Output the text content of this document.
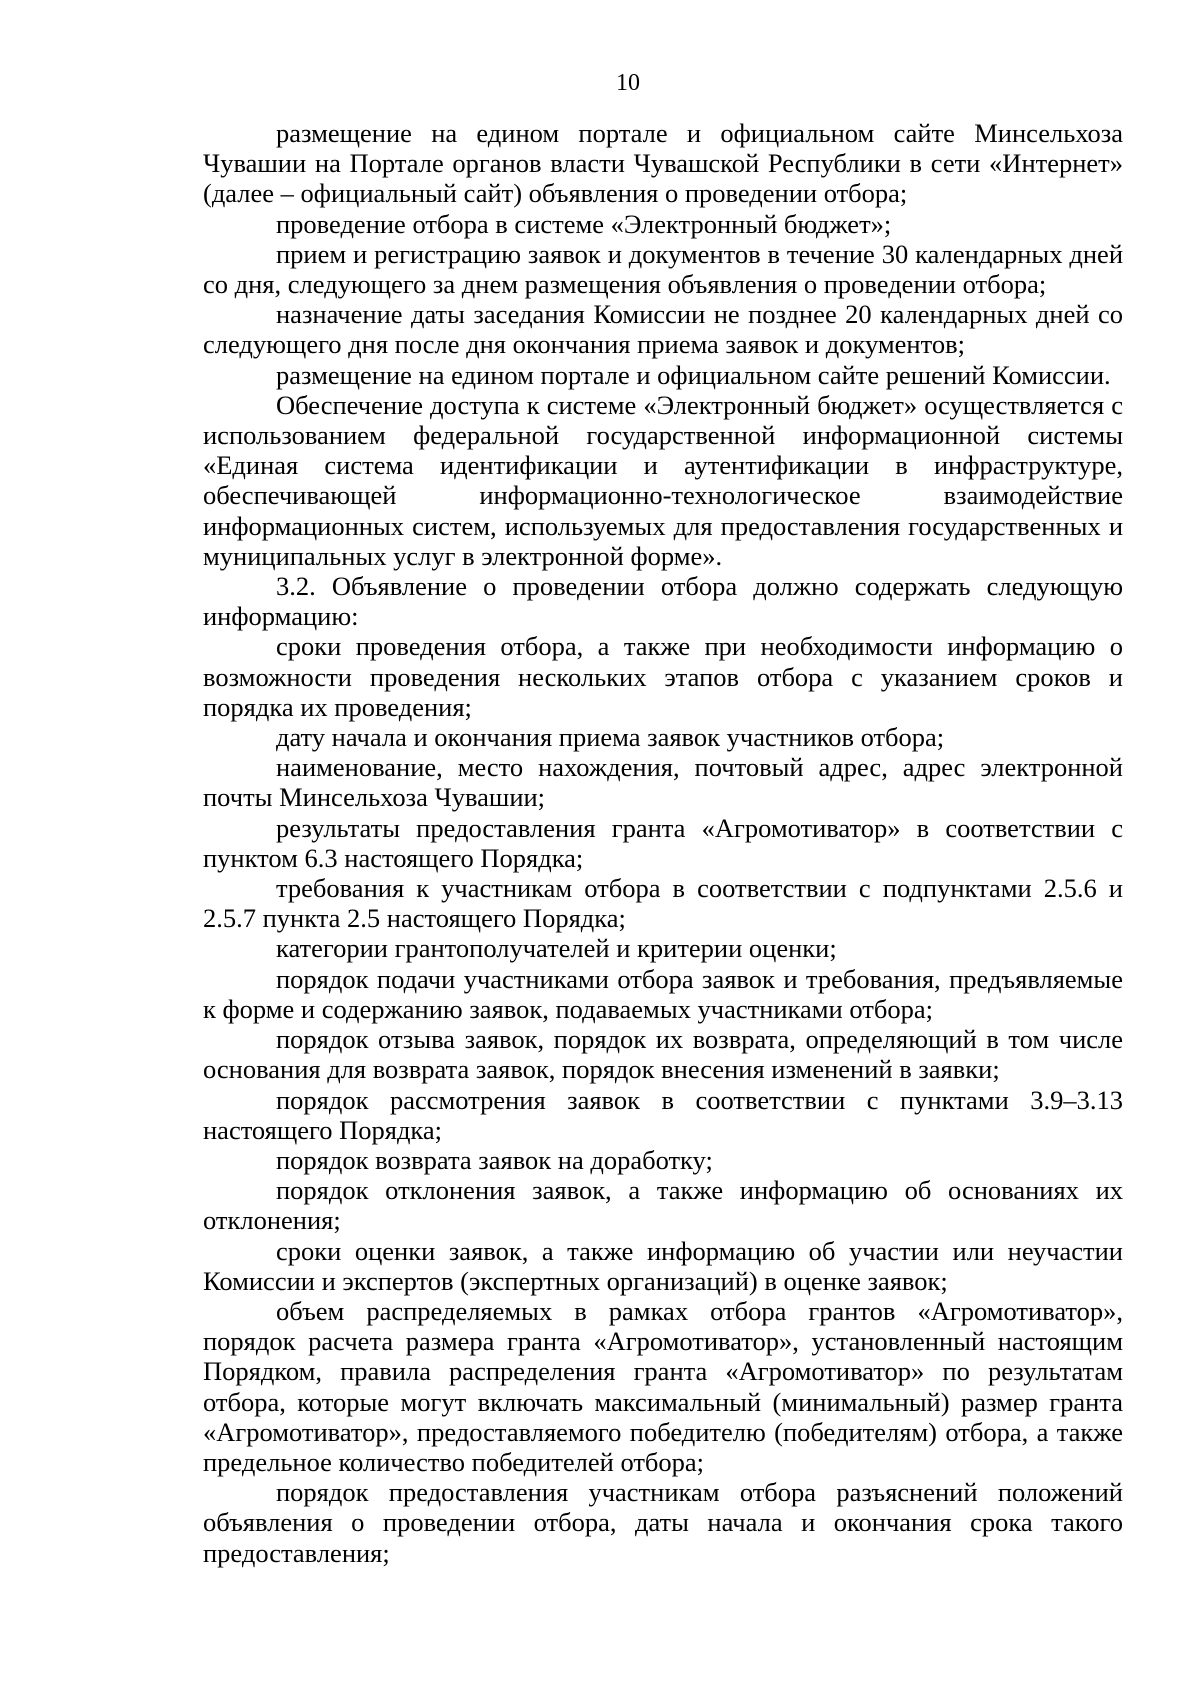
10

размещение на едином портале и официальном сайте Минсельхоза Чувашии на Портале органов власти Чувашской Республики в сети «Интернет» (далее – официальный сайт) объявления о проведении отбора;

проведение отбора в системе «Электронный бюджет»;

прием и регистрацию заявок и документов в течение 30 календарных дней со дня, следующего за днем размещения объявления о проведении отбора;

назначение даты заседания Комиссии не позднее 20 календарных дней со следующего дня после дня окончания приема заявок и документов;

размещение на едином портале и официальном сайте решений Комиссии.

Обеспечение доступа к системе «Электронный бюджет» осуществляется с использованием федеральной государственной информационной системы «Единая система идентификации и аутентификации в инфраструктуре, обеспечивающей информационно-технологическое взаимодействие информационных систем, используемых для предоставления государственных и муниципальных услуг в электронной форме».

3.2. Объявление о проведении отбора должно содержать следующую информацию:

сроки проведения отбора, а также при необходимости информацию о возможности проведения нескольких этапов отбора с указанием сроков и порядка их проведения;

дату начала и окончания приема заявок участников отбора;

наименование, место нахождения, почтовый адрес, адрес электронной почты Минсельхоза Чувашии;

результаты предоставления гранта «Агромотиватор» в соответствии с пунктом 6.3 настоящего Порядка;

требования к участникам отбора в соответствии с подпунктами 2.5.6 и 2.5.7 пункта 2.5 настоящего Порядка;

категории грантополучателей и критерии оценки;

порядок подачи участниками отбора заявок и требования, предъявляемые к форме и содержанию заявок, подаваемых участниками отбора;

порядок отзыва заявок, порядок их возврата, определяющий в том числе основания для возврата заявок, порядок внесения изменений в заявки;

порядок рассмотрения заявок в соответствии с пунктами 3.9–3.13 настоящего Порядка;

порядок возврата заявок на доработку;

порядок отклонения заявок, а также информацию об основаниях их отклонения;

сроки оценки заявок, а также информацию об участии или неучастии Комиссии и экспертов (экспертных организаций) в оценке заявок;

объем распределяемых в рамках отбора грантов «Агромотиватор», порядок расчета размера гранта «Агромотиватор», установленный настоящим Порядком, правила распределения гранта «Агромотиватор» по результатам отбора, которые могут включать максимальный (минимальный) размер гранта «Агромотиватор», предоставляемого победителю (победителям) отбора, а также предельное количество победителей отбора;

порядок предоставления участникам отбора разъяснений положений объявления о проведении отбора, даты начала и окончания срока такого предоставления;
